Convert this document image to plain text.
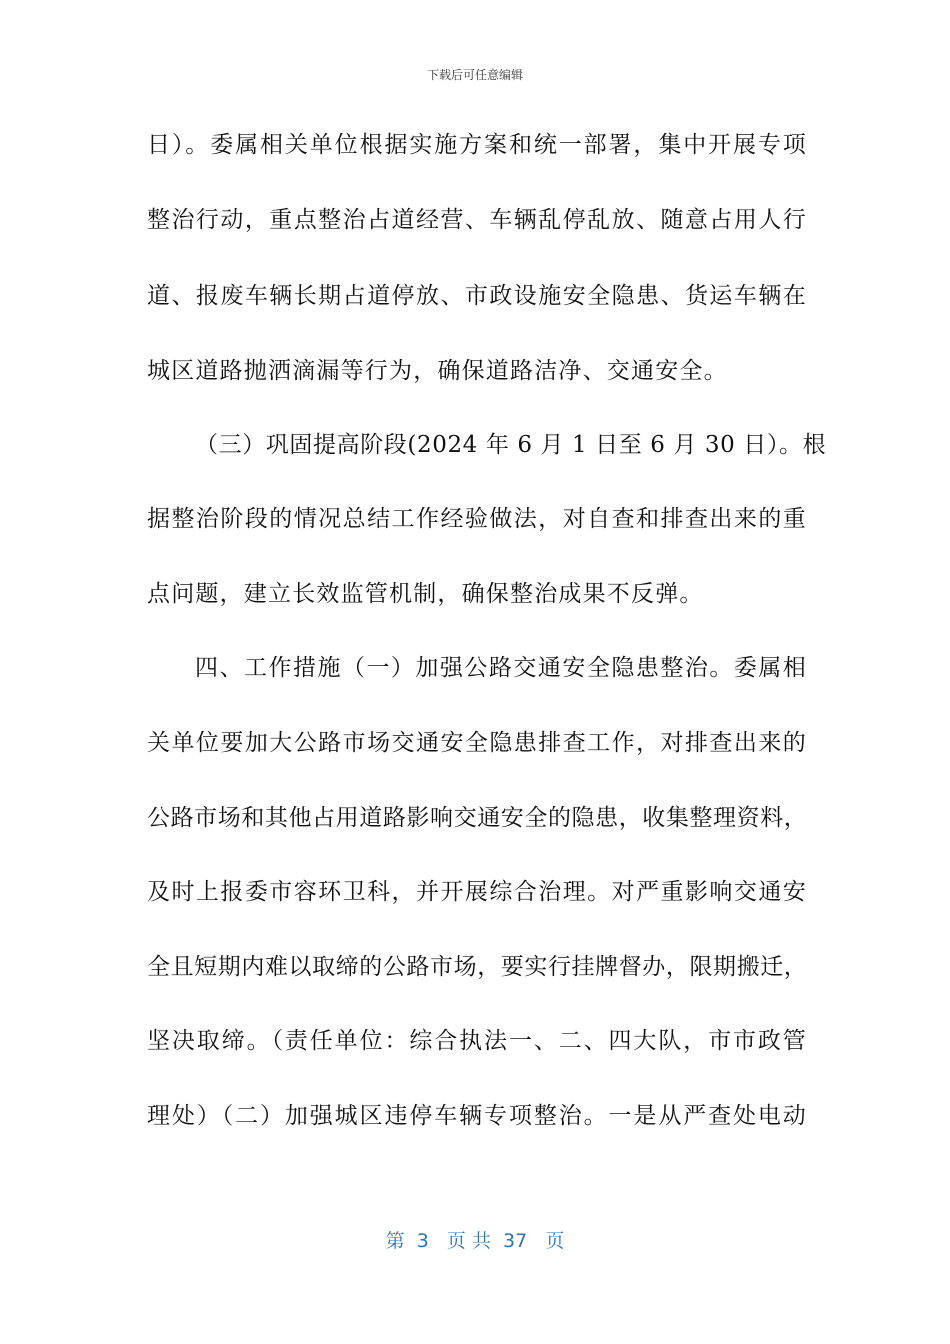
下载后可任意编辑
日）。委属相关单位根据实施方案和统一部署，集中开展专项
整治行动，重点整治占道经营、车辆乱停乱放、随意占用人行
道、报废车辆长期占道停放、市政设施安全隐患、货运车辆在
城区道路抛洒滴漏等行为，确保道路洁净、交通安全。
（三）巩固提高阶段(2024 年 6 月 1 日至 6 月 30 日）。根
据整治阶段的情况总结工作经验做法，对自查和排查出来的重
点问题，建立长效监管机制，确保整治成果不反弹。
四、工作措施（一）加强公路交通安全隐患整治。委属相
关单位要加大公路市场交通安全隐患排查工作，对排查出来的
公路市场和其他占用道路影响交通安全的隐患，收集整理资料，
及时上报委市容环卫科，并开展综合治理。对严重影响交通安
全且短期内难以取缔的公路市场，要实行挂牌督办，限期搬迁，
坚决取缔。（责任单位：综合执法一、二、四大队，市市政管
理处）（二）加强城区违停车辆专项整治。一是从严查处电动
第  3   页 共  37   页
